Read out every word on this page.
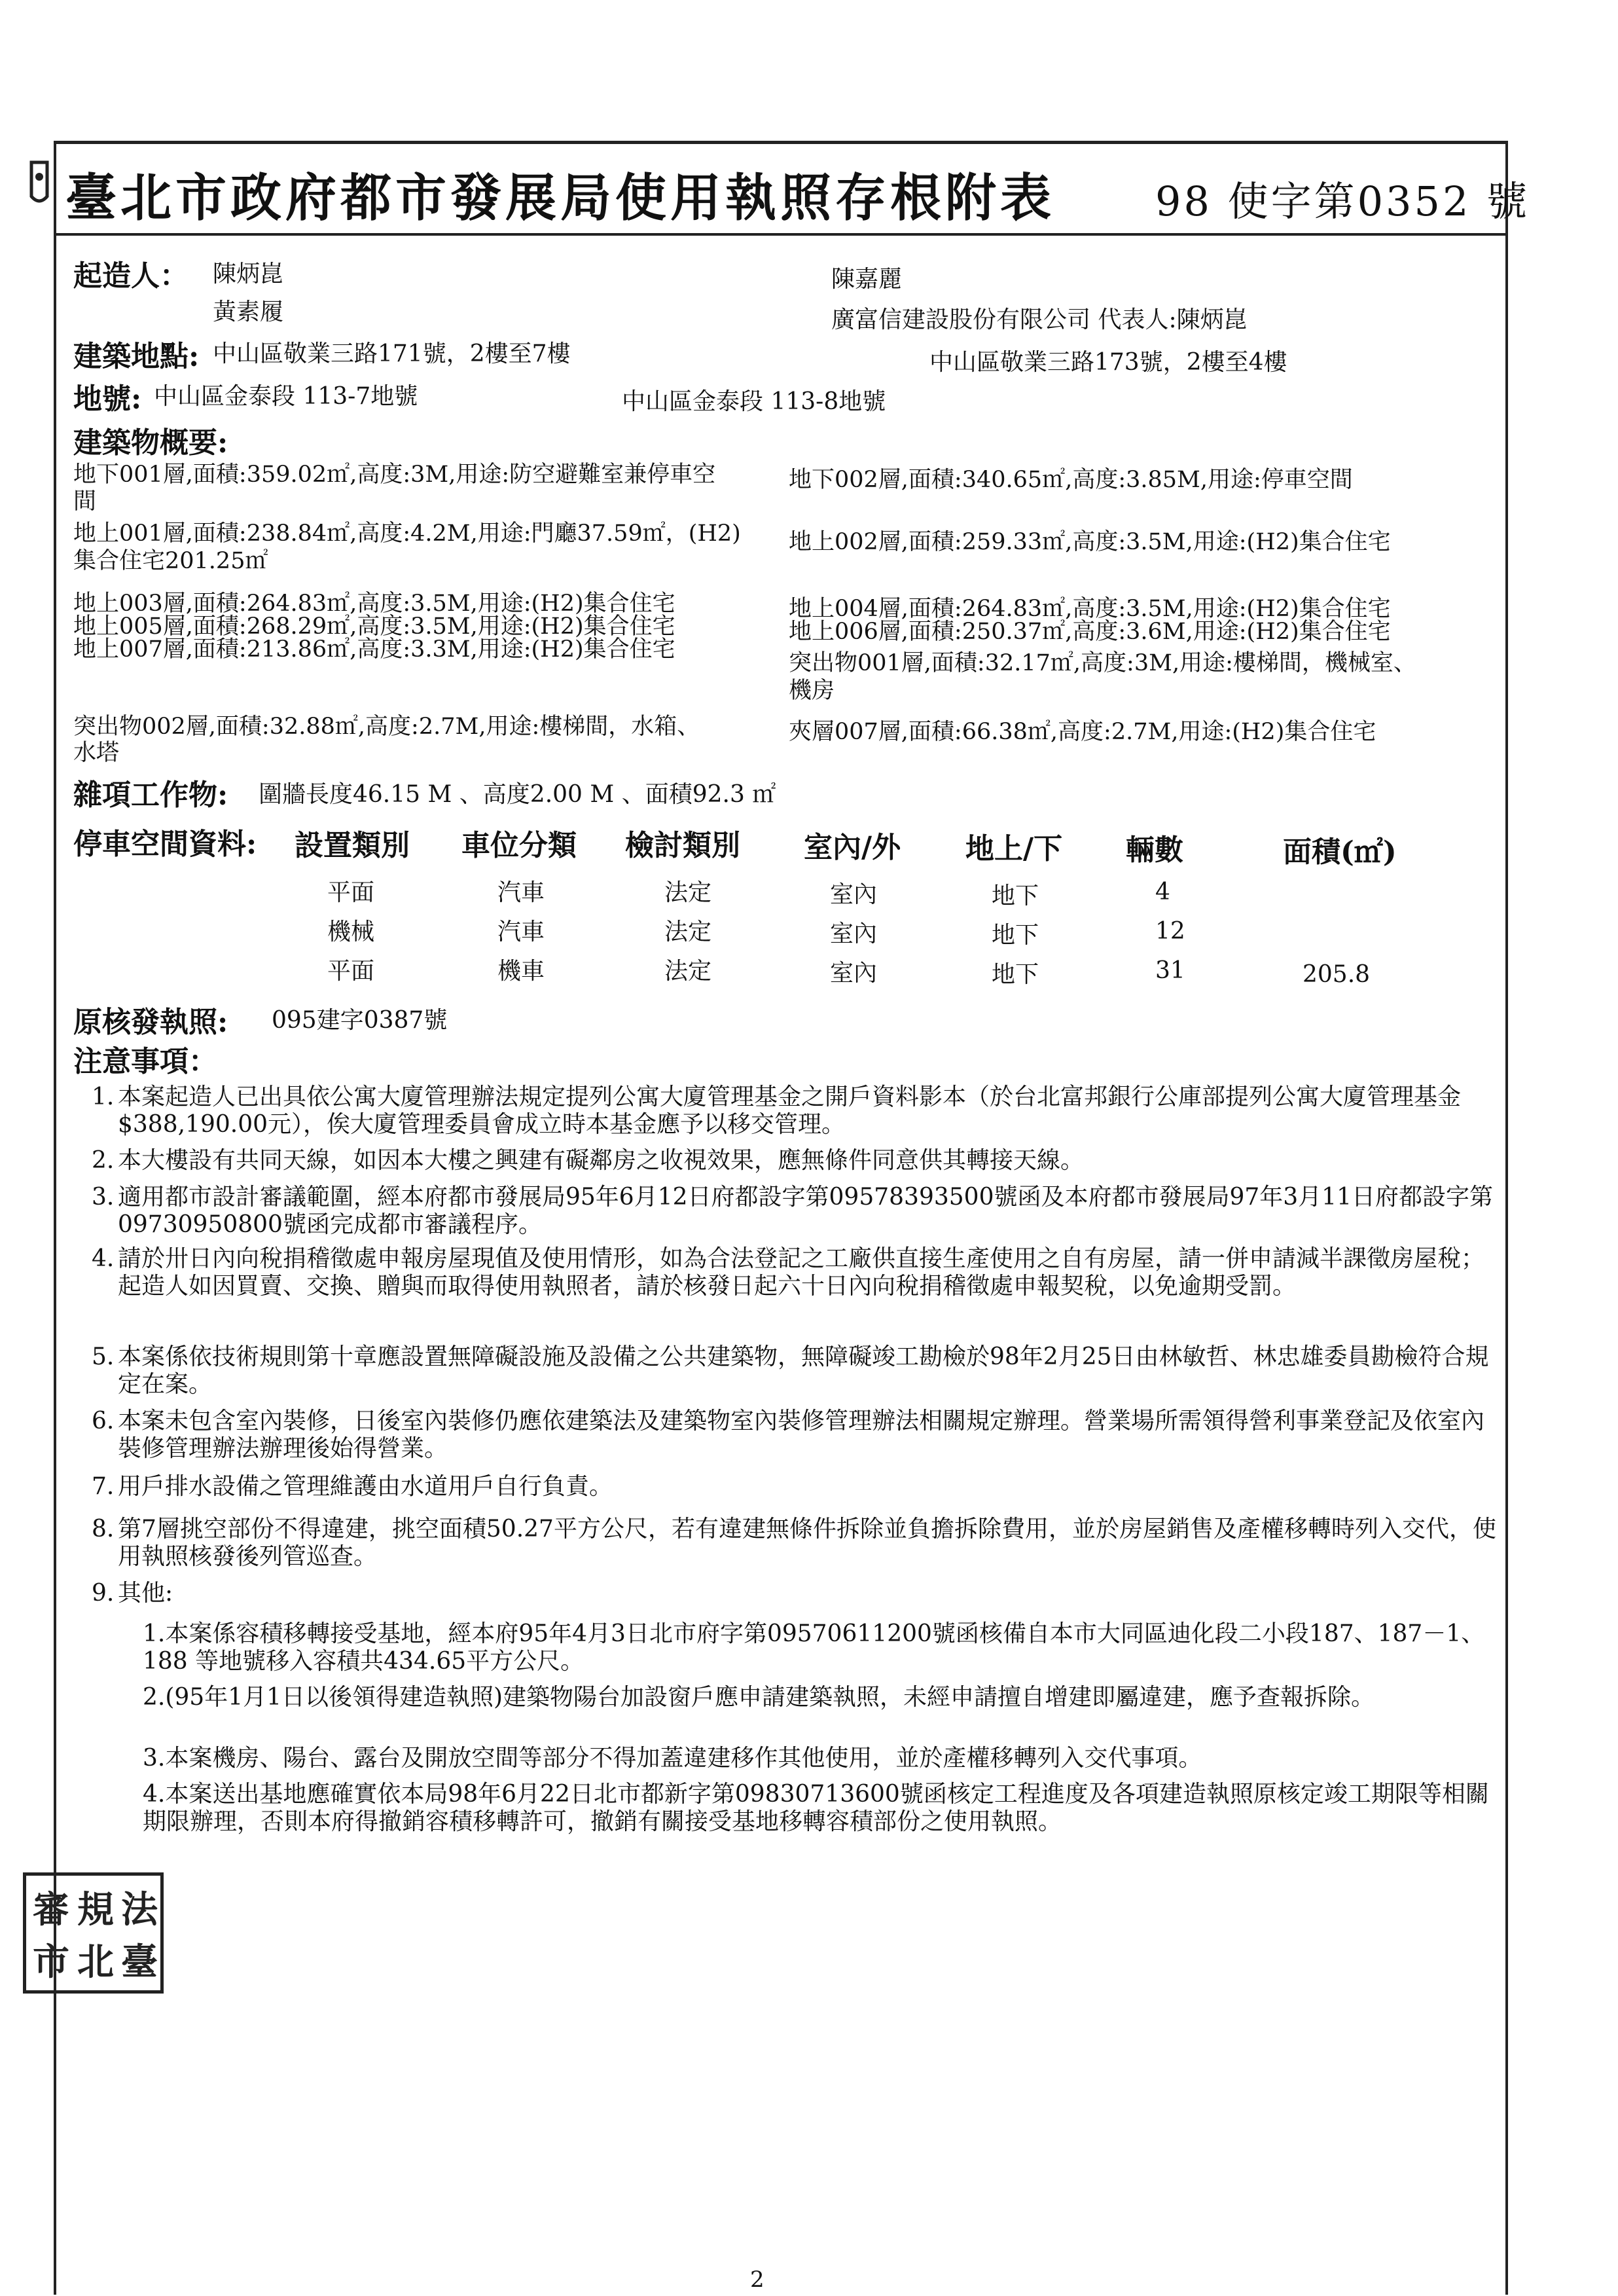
臺北市政府都市發展局使用執照存根附表 98 使字第0352 號
起造人： 陳炳崑
黃素履
陳嘉麗
廣富信建設股份有限公司 代表人:陳炳崑
建築地點: 中山區敬業三路171號，2樓至7樓	中山區敬業三路173號，2樓至4樓
地號: 中山區金泰段 113-7地號	中山區金泰段 113-8地號
建築物概要:
地下001層,面積:359.02㎡,高度:3M,用途:防空避難室兼停車空
間
地下002層,面積:340.65㎡,高度:3.85M,用途:停車空間
地上001層,面積:238.84㎡,高度:4.2M,用途:門廳37.59㎡，(H2)
集合住宅201.25㎡
地上002層,面積:259.33㎡,高度:3.5M,用途:(H2)集合住宅
地上003層,面積:264.83㎡,高度:3.5M,用途:(H2)集合住宅	地上004層,面積:264.83㎡,高度:3.5M,用途:(H2)集合住宅
地上005層,面積:268.29㎡,高度:3.5M,用途:(H2)集合住宅	地上006層,面積:250.37㎡,高度:3.6M,用途:(H2)集合住宅
地上007層,面積:213.86㎡,高度:3.3M,用途:(H2)集合住宅
突出物001層,面積:32.17㎡,高度:3M,用途:樓梯間，機械室、
機房
突出物002層,面積:32.88㎡,高度:2.7M,用途:樓梯間，水箱、
水塔
夾層007層,面積:66.38㎡,高度:2.7M,用途:(H2)集合住宅
雜項工作物: 圍牆長度46.15 M 、高度2.00 M 、面積92.3 ㎡
停車空間資料: 設置類別 車位分類 檢討類別 室內/外 地上/下 輛數	面積(㎡)
平面	汽車	法定	室內	地下	4
機械	汽車	法定	室內	地下	12
平面	機車	法定	室內	地下	31	205.8
原核發執照: 095建字0387號
注意事項：
1. 本案起造人已出具依公寓大廈管理辦法規定提列公寓大廈管理基金之開戶資料影本（於台北富邦銀行公庫部提列公寓大廈管理基金$388,190.00元），俟大廈管理委員會成立時本基金應予以移交管理。
2. 本大樓設有共同天線，如因本大樓之興建有礙鄰房之收視效果，應無條件同意供其轉接天線。
3. 適用都市設計審議範圍，經本府都市發展局95年6月12日府都設字第09578393500號函及本府都市發展局97年3月11日府都設字第09730950800號函完成都市審議程序。
4. 請於卅日內向稅捐稽徵處申報房屋現值及使用情形，如為合法登記之工廠供直接生產使用之自有房屋，請一併申請減半課徵房屋稅；起造人如因買賣、交換、贈與而取得使用執照者，請於核發日起六十日內向稅捐稽徵處申報契稅，以免逾期受罰。
5. 本案係依技術規則第十章應設置無障礙設施及設備之公共建築物，無障礙竣工勘檢於98年2月25日由林敏哲、林忠雄委員勘檢符合規定在案。
6. 本案未包含室內裝修，日後室內裝修仍應依建築法及建築物室內裝修管理辦法相關規定辦理。營業場所需領得營利事業登記及依室內裝修管理辦法辦理後始得營業。
7. 用戶排水設備之管理維護由水道用戶自行負責。
8. 第7層挑空部份不得違建，挑空面積50.27平方公尺，若有違建無條件拆除並負擔拆除費用，並於房屋銷售及產權移轉時列入交代，使用執照核發後列管巡查。
9. 其他:
1.本案係容積移轉接受基地，經本府95年4月3日北市府字第09570611200號函核備自本市大同區迪化段二小段187、187－1、188 等地號移入容積共434.65平方公尺。
2.(95年1月1日以後領得建造執照)建築物陽台加設窗戶應申請建築執照，未經申請擅自增建即屬違建，應予查報拆除。
3.本案機房、陽台、露台及開放空間等部分不得加蓋違建移作其他使用，並於產權移轉列入交代事項。
4.本案送出基地應確實依本局98年6月22日北市都新字第09830713600號函核定工程進度及各項建造執照原核定竣工期限等相關期限辦理，否則本府得撤銷容積移轉許可，撤銷有關接受基地移轉容積部份之使用執照。
法
臺
規
北
審
市
2
